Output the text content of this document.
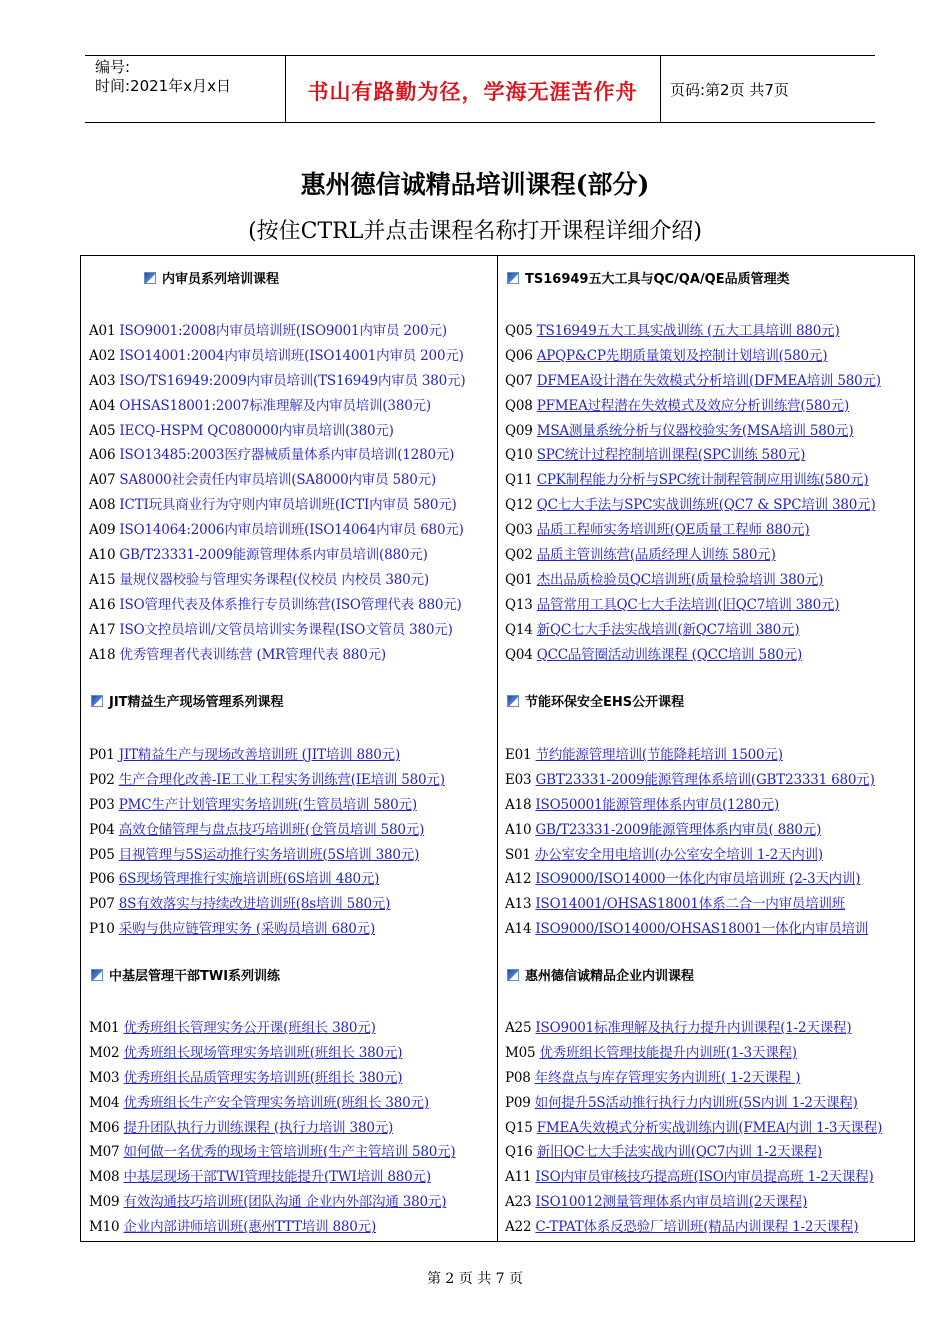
编号:
时间:2021年x月x日	书山有路勤为径，学海无涯苦作舟	页码:第2页 共7页
惠州德信诚精品培训课程(部分)
(按住CTRL并点击课程名称打开课程详细介绍)
内审员系列培训课程
A01 ISO9001:2008内审员培训班(ISO9001内审员 200元)
A02 ISO14001:2004内审员培训班(ISO14001内审员 200元)
A03 ISO/TS16949:2009内审员培训(TS16949内审员 380元)
A04 OHSAS18001:2007标准理解及内审员培训(380元)
A05 IECQ-HSPM QC080000内审员培训(380元)
A06 ISO13485:2003医疗器械质量体系内审员培训(1280元)
A07 SA8000社会责任内审员培训(SA8000内审员 580元)
A08 ICTI玩具商业行为守则内审员培训班(ICTI内审员 580元)
A09 ISO14064:2006内审员培训班(ISO14064内审员 680元)
A10 GB/T23331-2009能源管理体系内审员培训(880元)
A15 量规仪器校验与管理实务课程(仪校员 内校员 380元)
A16 ISO管理代表及体系推行专员训练营(ISO管理代表 880元)
A17 ISO文控员培训/文管员培训实务课程(ISO文管员 380元)
A18 优秀管理者代表训练营 (MR管理代表 880元)
JIT精益生产现场管理系列课程
P01 JIT精益生产与现场改善培训班 (JIT培训 880元)
P02 生产合理化改善-IE工业工程实务训练营(IE培训 580元)
P03 PMC生产计划管理实务培训班(生管员培训 580元)
P04 高效仓储管理与盘点技巧培训班(仓管员培训 580元)
P05 目视管理与5S运动推行实务培训班(5S培训 380元)
P06 6S现场管理推行实施培训班(6S培训 480元)
P07 8S有效落实与持续改进培训班(8s培训 580元)
P10 采购与供应链管理实务 (采购员培训 680元)
中基层管理干部TWI系列训练
M01 优秀班组长管理实务公开课(班组长 380元)
M02 优秀班组长现场管理实务培训班(班组长 380元)
M03 优秀班组长品质管理实务培训班(班组长 380元)
M04 优秀班组长生产安全管理实务培训班(班组长 380元)
M06 提升团队执行力训练课程 (执行力培训 380元)
M07 如何做一名优秀的现场主管培训班(生产主管培训 580元)
M08 中基层现场干部TWI管理技能提升(TWI培训 880元)
M09 有效沟通技巧培训班(团队沟通 企业内外部沟通 380元)
M10 企业内部讲师培训班(惠州TTT培训 880元)
TS16949五大工具与QC/QA/QE品质管理类
Q05 TS16949五大工具实战训练 (五大工具培训 880元)
Q06 APQP&CP先期质量策划及控制计划培训(580元)
Q07 DFMEA设计潜在失效模式分析培训(DFMEA培训 580元)
Q08 PFMEA过程潜在失效模式及效应分析训练营(580元)
Q09 MSA测量系统分析与仪器校验实务(MSA培训 580元)
Q10 SPC统计过程控制培训课程(SPC训练 580元)
Q11 CPK制程能力分析与SPC统计制程管制应用训练(580元)
Q12 QC七大手法与SPC实战训练班(QC7 & SPC培训 380元)
Q03 品质工程师实务培训班(QE质量工程师 880元)
Q02 品质主管训练营(品质经理人训练 580元)
Q01 杰出品质检验员QC培训班(质量检验培训 380元)
Q13 品管常用工具QC七大手法培训(旧QC7培训 380元)
Q14 新QC七大手法实战培训(新QC7培训 380元)
Q04 QCC品管圈活动训练课程 (QCC培训 580元)
节能环保安全EHS公开课程
E01 节约能源管理培训(节能降耗培训 1500元)
E03 GBT23331-2009能源管理体系培训(GBT23331 680元)
A18 ISO50001能源管理体系内审员(1280元)
A10 GB/T23331-2009能源管理体系内审员( 880元)
S01 办公室安全用电培训(办公室安全培训 1-2天内训)
A12 ISO9000/ISO14000一体化内审员培训班 (2-3天内训)
A13 ISO14001/OHSAS18001体系二合一内审员培训班
A14 ISO9000/ISO14000/OHSAS18001一体化内审员培训
惠州德信诚精品企业内训课程
A25 ISO9001标准理解及执行力提升内训课程(1-2天课程)
M05 优秀班组长管理技能提升内训班(1-3天课程)
P08 年终盘点与库存管理实务内训班( 1-2天课程 )
P09 如何提升5S活动推行执行力内训班(5S内训 1-2天课程)
Q15 FMEA失效模式分析实战训练内训(FMEA内训 1-3天课程)
Q16 新旧QC七大手法实战内训(QC7内训 1-2天课程)
A11 ISO内审员审核技巧提高班(ISO内审员提高班 1-2天课程)
A23 ISO10012测量管理体系内审员培训(2天课程)
A22 C-TPAT体系反恐验厂培训班(精品内训课程 1-2天课程)
第 2 页 共 7 页
